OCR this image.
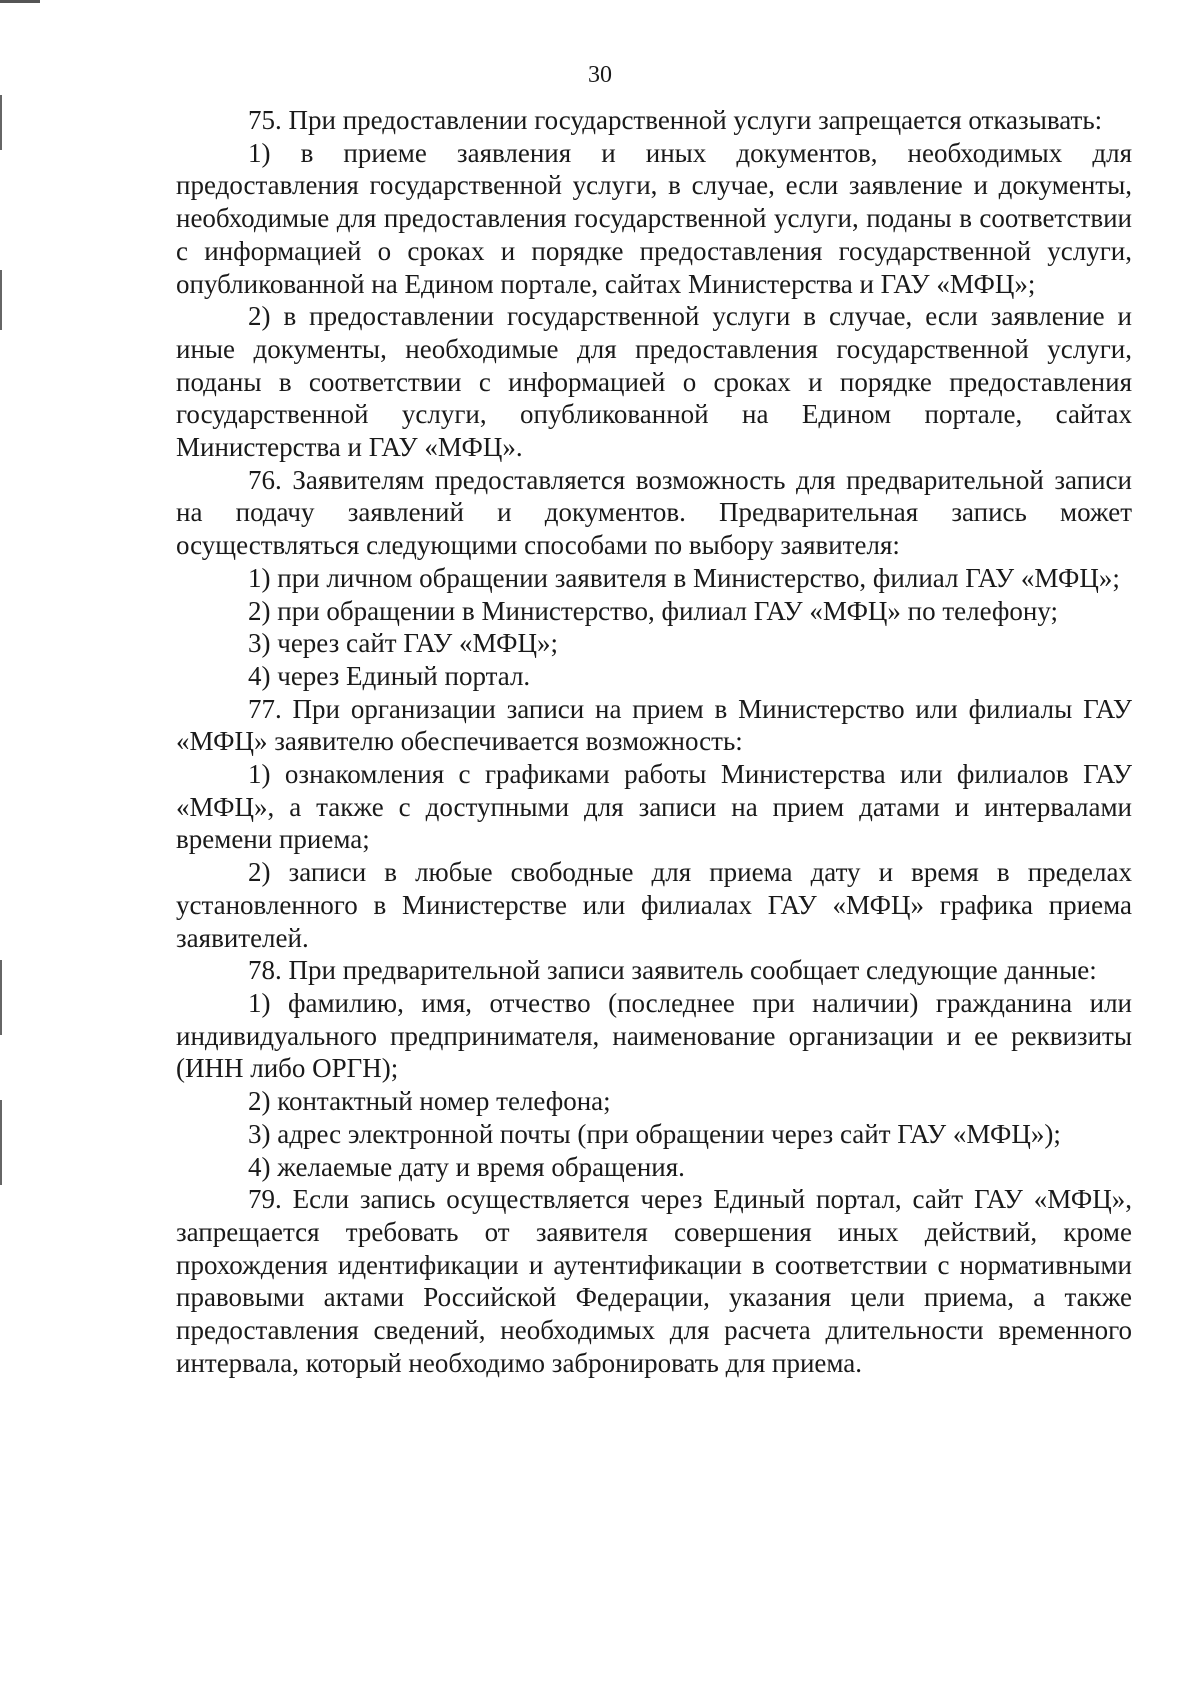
30

75. При предоставлении государственной услуги запрещается отказывать:

1) в приеме заявления и иных документов, необходимых для предоставления государственной услуги, в случае, если заявление и документы, необходимые для предоставления государственной услуги, поданы в соответствии с информацией о сроках и порядке предоставления государственной услуги, опубликованной на Едином портале, сайтах Министерства и ГАУ «МФЦ»;

2) в предоставлении государственной услуги в случае, если заявление и иные документы, необходимые для предоставления государственной услуги, поданы в соответствии с информацией о сроках и порядке предоставления государственной услуги, опубликованной на Едином портале, сайтах Министерства и ГАУ «МФЦ».

76. Заявителям предоставляется возможность для предварительной записи на подачу заявлений и документов. Предварительная запись может осуществляться следующими способами по выбору заявителя:

1) при личном обращении заявителя в Министерство, филиал ГАУ «МФЦ»;

2) при обращении в Министерство, филиал ГАУ «МФЦ» по телефону;

3) через сайт ГАУ «МФЦ»;

4) через Единый портал.

77. При организации записи на прием в Министерство или филиалы ГАУ «МФЦ» заявителю обеспечивается возможность:

1) ознакомления с графиками работы Министерства или филиалов ГАУ «МФЦ», а также с доступными для записи на прием датами и интервалами времени приема;

2) записи в любые свободные для приема дату и время в пределах установленного в Министерстве или филиалах ГАУ «МФЦ» графика приема заявителей.

78. При предварительной записи заявитель сообщает следующие данные:

1) фамилию, имя, отчество (последнее при наличии) гражданина или индивидуального предпринимателя, наименование организации и ее реквизиты (ИНН либо ОРГН);

2) контактный номер телефона;

3) адрес электронной почты (при обращении через сайт ГАУ «МФЦ»);

4) желаемые дату и время обращения.

79. Если запись осуществляется через Единый портал, сайт ГАУ «МФЦ», запрещается требовать от заявителя совершения иных действий, кроме прохождения идентификации и аутентификации в соответствии с нормативными правовыми актами Российской Федерации, указания цели приема, а также предоставления сведений, необходимых для расчета длительности временного интервала, который необходимо забронировать для приема.
